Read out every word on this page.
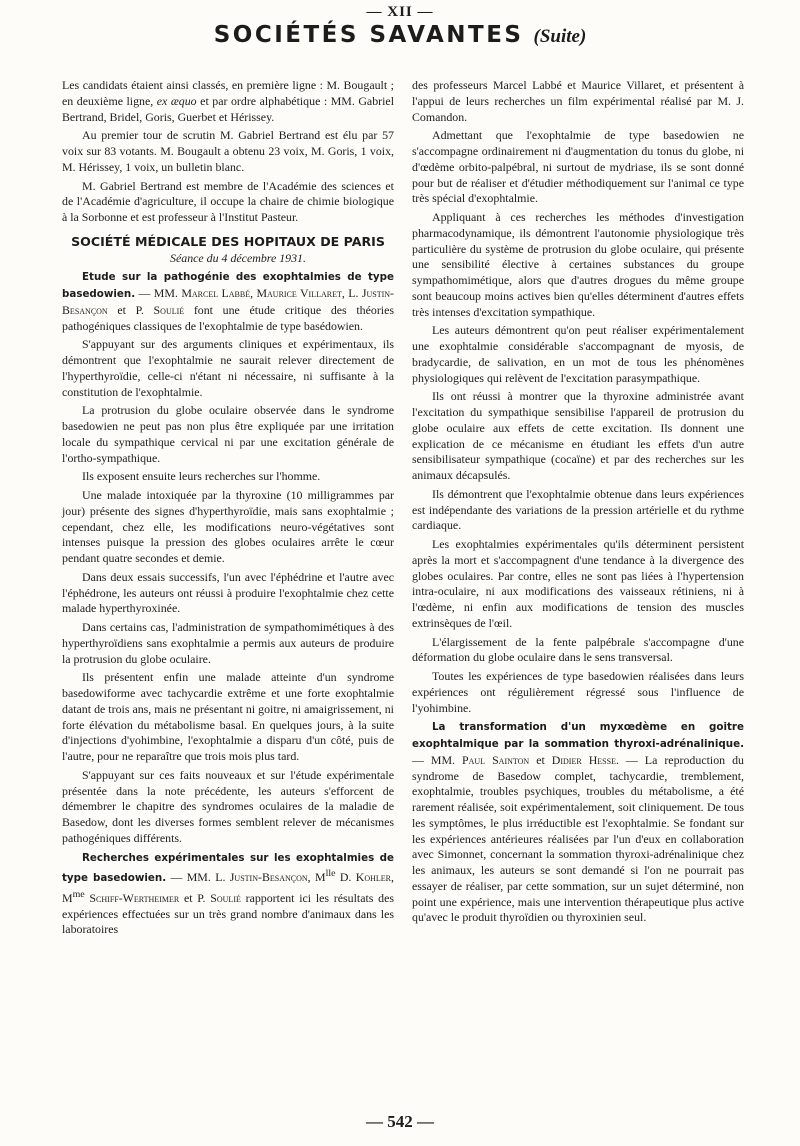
— XII —
SOCIÉTÉS SAVANTES (Suite)

Les candidats étaient ainsi classés, en première ligne : M. Bougault ; en deuxième ligne, ex æquo et par ordre alphabétique : MM. Gabriel Bertrand, Bridel, Goris, Guerbet et Hérissey.

Au premier tour de scrutin M. Gabriel Bertrand est élu par 57 voix sur 83 votants. M. Bougault a obtenu 23 voix, M. Goris, 1 voix, M. Hérissey, 1 voix, un bulletin blanc.

M. Gabriel Bertrand est membre de l'Académie des sciences et de l'Académie d'agriculture, il occupe la chaire de chimie biologique à la Sorbonne et est professeur à l'Institut Pasteur.

SOCIÉTÉ MÉDICALE DES HOPITAUX DE PARIS

Séance du 4 décembre 1931.

Etude sur la pathogénie des exophtalmies de type basedowien. — MM. Marcel Labbé, Maurice Villaret, L. Justin-Besançon et P. Soulié font une étude critique des théories pathogéniques classiques de l'exophtalmie de type basédowien.

S'appuyant sur des arguments cliniques et expérimentaux, ils démontrent que l'exophtalmie ne saurait relever directement de l'hyperthyroïdie, celle-ci n'étant ni nécessaire, ni suffisante à la constitution de l'exophtalmie.

La protrusion du globe oculaire observée dans le syndrome basedowien ne peut pas non plus être expliquée par une irritation locale du sympathique cervical ni par une excitation générale de l'ortho-sympathique.

Ils exposent ensuite leurs recherches sur l'homme.

Une malade intoxiquée par la thyroxine (10 milligrammes par jour) présente des signes d'hyperthyroïdie, mais sans exophtalmie ; cependant, chez elle, les modifications neuro-végétatives sont intenses puisque la pression des globes oculaires arrête le cœur pendant quatre secondes et demie.

Dans deux essais successifs, l'un avec l'éphédrine et l'autre avec l'éphédrone, les auteurs ont réussi à produire l'exophtalmie chez cette malade hyperthyroxinée.

Dans certains cas, l'administration de sympathomimétiques à des hyperthyroïdiens sans exophtalmie a permis aux auteurs de produire la protrusion du globe oculaire.

Ils présentent enfin une malade atteinte d'un syndrome basedowiforme avec tachycardie extrême et une forte exophtalmie datant de trois ans, mais ne présentant ni goitre, ni amaigrissement, ni forte élévation du métabolisme basal. En quelques jours, à la suite d'injections d'yohimbine, l'exophtalmie a disparu d'un côté, puis de l'autre, pour ne reparaître que trois mois plus tard.

S'appuyant sur ces faits nouveaux et sur l'étude expérimentale présentée dans la note précédente, les auteurs s'efforcent de démembrer le chapitre des syndromes oculaires de la maladie de Basedow, dont les diverses formes semblent relever de mécanismes pathogéniques différents.

Recherches expérimentales sur les exophtalmies de type basedowien. — MM. L. Justin-Besançon, $M^{lle}$ D. Kohler, $M^{me}$ Schiff-Wertheimer et P. Soulié rapportent ici les résultats des expériences effectuées sur un très grand nombre d'animaux dans les laboratoires

des professeurs Marcel Labbé et Maurice Villaret, et présentent à l'appui de leurs recherches un film expérimental réalisé par M. J. Comandon.

Admettant que l'exophtalmie de type basedowien ne s'accompagne ordinairement ni d'augmentation du tonus du globe, ni d'œdème orbito-palpébral, ni surtout de mydriase, ils se sont donné pour but de réaliser et d'étudier méthodiquement sur l'animal ce type très spécial d'exophtalmie.

Appliquant à ces recherches les méthodes d'investigation pharmacodynamique, ils démontrent l'autonomie physiologique très particulière du système de protrusion du globe oculaire, qui présente une sensibilité élective à certaines substances du groupe sympathomimétique, alors que d'autres drogues du même groupe sont beaucoup moins actives bien qu'elles déterminent d'autres effets très intenses d'excitation sympathique.

Les auteurs démontrent qu'on peut réaliser expérimentalement une exophtalmie considérable s'accompagnant de myosis, de bradycardie, de salivation, en un mot de tous les phénomènes physiologiques qui relèvent de l'excitation parasympathique.

Ils ont réussi à montrer que la thyroxine administrée avant l'excitation du sympathique sensibilise l'appareil de protrusion du globe oculaire aux effets de cette excitation. Ils donnent une explication de ce mécanisme en étudiant les effets d'un autre sensibilisateur sympathique (cocaïne) et par des recherches sur les animaux décapsulés.

Ils démontrent que l'exophtalmie obtenue dans leurs expériences est indépendante des variations de la pression artérielle et du rythme cardiaque.

Les exophtalmies expérimentales qu'ils déterminent persistent après la mort et s'accompagnent d'une tendance à la divergence des globes oculaires. Par contre, elles ne sont pas liées à l'hypertension intra-oculaire, ni aux modifications des vaisseaux rétiniens, ni à l'œdème, ni enfin aux modifications de tension des muscles extrinsèques de l'œil.

L'élargissement de la fente palpébrale s'accompagne d'une déformation du globe oculaire dans le sens transversal.

Toutes les expériences de type basedowien réalisées dans leurs expériences ont régulièrement régressé sous l'influence de l'yohimbine.

La transformation d'un myxœdème en goitre exophtalmique par la sommation thyroxi-adrénalinique. — MM. Paul Sainton et Didier Hesse. — La reproduction du syndrome de Basedow complet, tachycardie, tremblement, exophtalmie, troubles psychiques, troubles du métabolisme, a été rarement réalisée, soit expérimentalement, soit cliniquement. De tous les symptômes, le plus irréductible est l'exophtalmie. Se fondant sur les expériences antérieures réalisées par l'un d'eux en collaboration avec Simonnet, concernant la sommation thyroxi-adrénalinique chez les animaux, les auteurs se sont demandé si l'on ne pourrait pas essayer de réaliser, par cette sommation, sur un sujet déterminé, non point une expérience, mais une intervention thérapeutique plus active qu'avec le produit thyroïdien ou thyroxinien seul.

— 542 —
